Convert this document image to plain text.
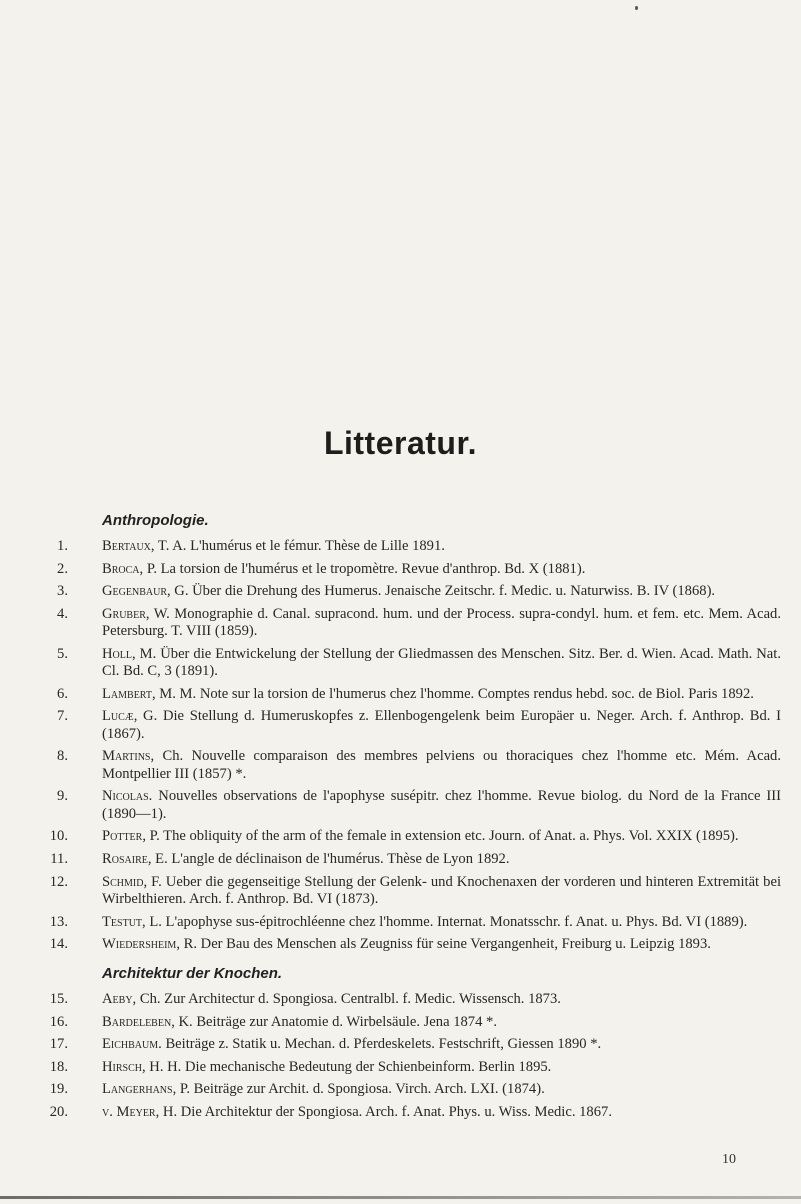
Litteratur.
Anthropologie.
1. Bertaux, T. A. L'humérus et le fémur. Thèse de Lille 1891.
2. Broca, P. La torsion de l'humérus et le tropomètre. Revue d'anthrop. Bd. X (1881).
3. Gegenbaur, G. Über die Drehung des Humerus. Jenaische Zeitschr. f. Medic. u. Naturwiss. B. IV (1868).
4. Gruber, W. Monographie d. Canal. supracond. hum. und der Process. supra-condyl. hum. et fem. etc. Mem. Acad. Petersburg. T. VIII (1859).
5. Holl, M. Über die Entwickelung der Stellung der Gliedmassen des Menschen. Sitz. Ber. d. Wien. Acad. Math. Nat. Cl. Bd. C, 3 (1891).
6. Lambert, M. M. Note sur la torsion de l'humerus chez l'homme. Comptes rendus hebd. soc. de Biol. Paris 1892.
7. Lucæ, G. Die Stellung d. Humeruskopfes z. Ellenbogengelenk beim Europäer u. Neger. Arch. f. Anthrop. Bd. I (1867).
8. Martins, Ch. Nouvelle comparaison des membres pelviens ou thoraciques chez l'homme etc. Mém. Acad. Montpellier III (1857) *.
9. Nicolas. Nouvelles observations de l'apophyse susépitr. chez l'homme. Revue biolog. du Nord de la France III (1890—1).
10. Potter, P. The obliquity of the arm of the female in extension etc. Journ. of Anat. a. Phys. Vol. XXIX (1895).
11. Rosaire, E. L'angle de déclinaison de l'humérus. Thèse de Lyon 1892.
12. Schmid, F. Ueber die gegenseitige Stellung der Gelenk- und Knochenaxen der vorderen und hinteren Extremität bei Wirbelthieren. Arch. f. Anthrop. Bd. VI (1873).
13. Testut, L. L'apophyse sus-épitrochléenne chez l'homme. Internat. Monatsschr. f. Anat. u. Phys. Bd. VI (1889).
14. Wiedersheim, R. Der Bau des Menschen als Zeugniss für seine Vergangenheit, Freiburg u. Leipzig 1893.
Architektur der Knochen.
15. Aeby, Ch. Zur Architectur d. Spongiosa. Centralbl. f. Medic. Wissensch. 1873.
16. Bardeleben, K. Beiträge zur Anatomie d. Wirbelsäule. Jena 1874 *.
17. Eichbaum. Beiträge z. Statik u. Mechan. d. Pferdeskelets. Festschrift, Giessen 1890 *.
18. Hirsch, H. H. Die mechanische Bedeutung der Schienbeinform. Berlin 1895.
19. Langerhans, P. Beiträge zur Archit. d. Spongiosa. Virch. Arch. LXI. (1874).
20. v. Meyer, H. Die Architektur der Spongiosa. Arch. f. Anat. Phys. u. Wiss. Medic. 1867.
10
